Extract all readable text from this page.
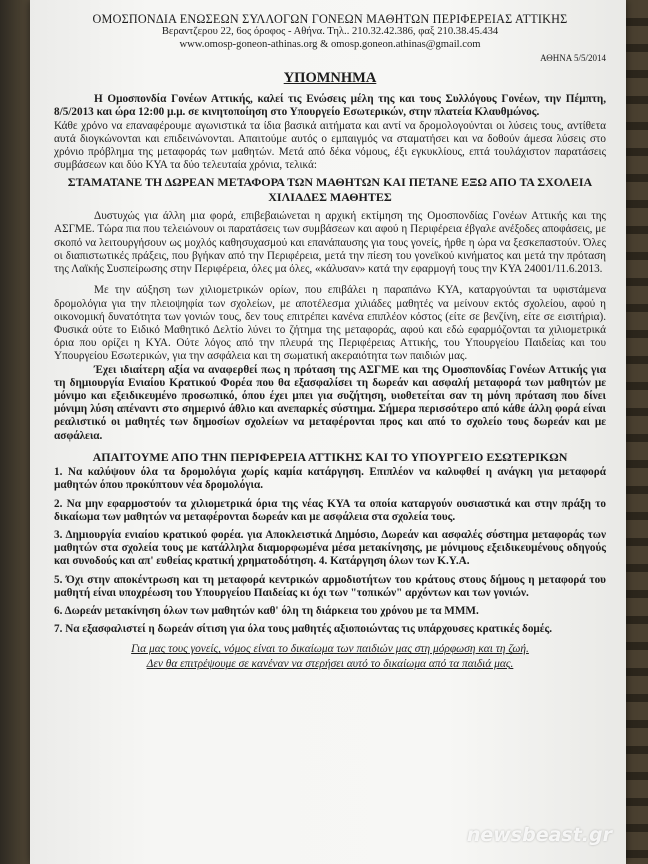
ΟΜΟΣΠΟΝΔΙΑ ΕΝΩΣΕΩΝ ΣΥΛΛΟΓΩΝ ΓΟΝΕΩΝ ΜΑΘΗΤΩΝ ΠΕΡΙΦΕΡΕΙΑΣ ΑΤΤΙΚΗΣ
Βεραντζερου 22, 6ος όροφος - Αθήνα. Τηλ.. 210.32.42.386, φαξ 210.38.45.434
www.omosp-goneon-athinas.org & omosp.goneon.athinas@gmail.com
ΑΘΗΝΑ 5/5/2014
ΥΠΟΜΝΗΜΑ

Η Ομοσπονδία Γονέων Αττικής, καλεί τις Ενώσεις μέλη της και τους Συλλόγους Γονέων, την Πέμπτη, 8/5/2013 και ώρα 12:00 μ.μ. σε κινητοποίηση στο Υπουργείο Εσωτερικών, στην πλατεία Κλαυθμώνος.

Κάθε χρόνο να επαναφέρουμε αγωνιστικά τα ίδια βασικά αιτήματα και αντί να δρομολογούνται οι λύσεις τους, αντίθετα αυτά διογκώνονται και επιδεινώνονται. Απαιτούμε αυτός ο εμπαιγμός να σταματήσει και να δοθούν άμεσα λύσεις στο χρόνιο πρόβλημα της μεταφοράς των μαθητών. Μετά από δέκα νόμους, έξι εγκυκλίους, επτά τουλάχιστον παρατάσεις συμβάσεων και δύο ΚΥΑ τα δύο τελευταία χρόνια, τελικά:

ΣΤΑΜΑΤΑΝΕ ΤΗ ΔΩΡΕΑΝ ΜΕΤΑΦΟΡΑ ΤΩΝ ΜΑΘΗΤΩΝ ΚΑΙ ΠΕΤΑΝΕ ΕΞΩ ΑΠΟ ΤΑ ΣΧΟΛΕΙΑ ΧΙΛΙΑΔΕΣ ΜΑΘΗΤΕΣ

Δυστυχώς για άλλη μια φορά, επιβεβαιώνεται η αρχική εκτίμηση της Ομοσπονδίας Γονέων Αττικής και της ΑΣΓΜΕ. Τώρα πια που τελειώνουν οι παρατάσεις των συμβάσεων και αφού η Περιφέρεια έβγαλε ανέξοδες αποφάσεις, με σκοπό να λειτουργήσουν ως μοχλός καθησυχασμού και επανάπαυσης για τους γονείς, ήρθε η ώρα να ξεσκεπαστούν. Όλες οι διαπιστωτικές πράξεις, που βγήκαν από την Περιφέρεια, μετά την πίεση του γονεϊκού κινήματος και μετά την πρόταση της Λαϊκής Συσπείρωσης στην Περιφέρεια, όλες μα όλες, «κάλυσαν» κατά την εφαρμογή τους την ΚΥΑ 24001/11.6.2013.

Με την αύξηση των χιλιομετρικών ορίων, που επιβάλει η παραπάνω ΚΥΑ, καταργούνται τα υφιστάμενα δρομολόγια για την πλειοψηφία των σχολείων, με αποτέλεσμα χιλιάδες μαθητές να μείνουν εκτός σχολείου, αφού η οικονομική δυνατότητα των γονιών τους, δεν τους επιτρέπει κανένα επιπλέον κόστος (είτε σε βενζίνη, είτε σε εισιτήρια). Φυσικά ούτε το Ειδικό Μαθητικό Δελτίο λύνει το ζήτημα της μεταφοράς, αφού και εδώ εφαρμόζονται τα χιλιομετρικά όρια που ορίζει η ΚΥΑ. Ούτε λόγος από την πλευρά της Περιφέρειας Αττικής, του Υπουργείου Παιδείας και του Υπουργείου Εσωτερικών, για την ασφάλεια και τη σωματική ακεραιότητα των παιδιών μας.

Έχει ιδιαίτερη αξία να αναφερθεί πως η πρόταση της ΑΣΓΜΕ και της Ομοσπονδίας Γονέων Αττικής για τη δημιουργία Ενιαίου Κρατικού Φορέα που θα εξασφαλίσει τη δωρεάν και ασφαλή μεταφορά των μαθητών με μόνιμο και εξειδικευμένο προσωπικό, όπου έχει μπει για συζήτηση, υιοθετείται σαν τη μόνη πρόταση που δίνει μόνιμη λύση απέναντι στο σημερινό άθλιο και ανεπαρκές σύστημα. Σήμερα περισσότερο από κάθε άλλη φορά είναι ρεαλιστικό οι μαθητές των δημοσίων σχολείων να μεταφέρονται προς και από το σχολείο τους δωρεάν και με ασφάλεια.

ΑΠΑΙΤΟΥΜΕ ΑΠΟ ΤΗΝ ΠΕΡΙΦΕΡΕΙΑ ΑΤΤΙΚΗΣ ΚΑΙ ΤΟ ΥΠΟΥΡΓΕΙΟ ΕΣΩΤΕΡΙΚΩΝ

1. Να καλύψουν όλα τα δρομολόγια χωρίς καμία κατάργηση. Επιπλέον να καλυφθεί η ανάγκη για μεταφορά μαθητών όπου προκύπτουν νέα δρομολόγια.

2. Να μην εφαρμοστούν τα χιλιομετρικά όρια της νέας ΚΥΑ τα οποία καταργούν ουσιαστικά και στην πράξη το δικαίωμα των μαθητών να μεταφέρονται δωρεάν και με ασφάλεια στα σχολεία τους.

3. Δημιουργία ενιαίου κρατικού φορέα. για Αποκλειστικά Δημόσιο, Δωρεάν και ασφαλές σύστημα μεταφοράς των μαθητών στα σχολεία τους με κατάλληλα διαμορφωμένα μέσα μετακίνησης, με μόνιμους εξειδικευμένους οδηγούς και συνοδούς και απ' ευθείας κρατική χρηματοδότηση. 4. Κατάργηση όλων των Κ.Υ.Α.

5. Όχι στην αποκέντρωση και τη μεταφορά κεντρικών αρμοδιοτήτων του κράτους στους δήμους η μεταφορά του μαθητή είναι υποχρέωση του Υπουργείου Παιδείας κι όχι των "τοπικών" αρχόντων και των γονιών.

6. Δωρεάν μετακίνηση όλων των μαθητών καθ' όλη τη διάρκεια του χρόνου με τα ΜΜΜ.

7. Να εξασφαλιστεί η δωρεάν σίτιση για όλα τους μαθητές αξιοποιώντας τις υπάρχουσες κρατικές δομές.

Για μας τους γονείς, νόμος είναι το δικαίωμα των παιδιών μας στη μόρφωση και τη ζωή.
Δεν θα επιτρέψουμε σε κανέναν να στερήσει αυτό το δικαίωμα από τα παιδιά μας.
newsbeast.gr
